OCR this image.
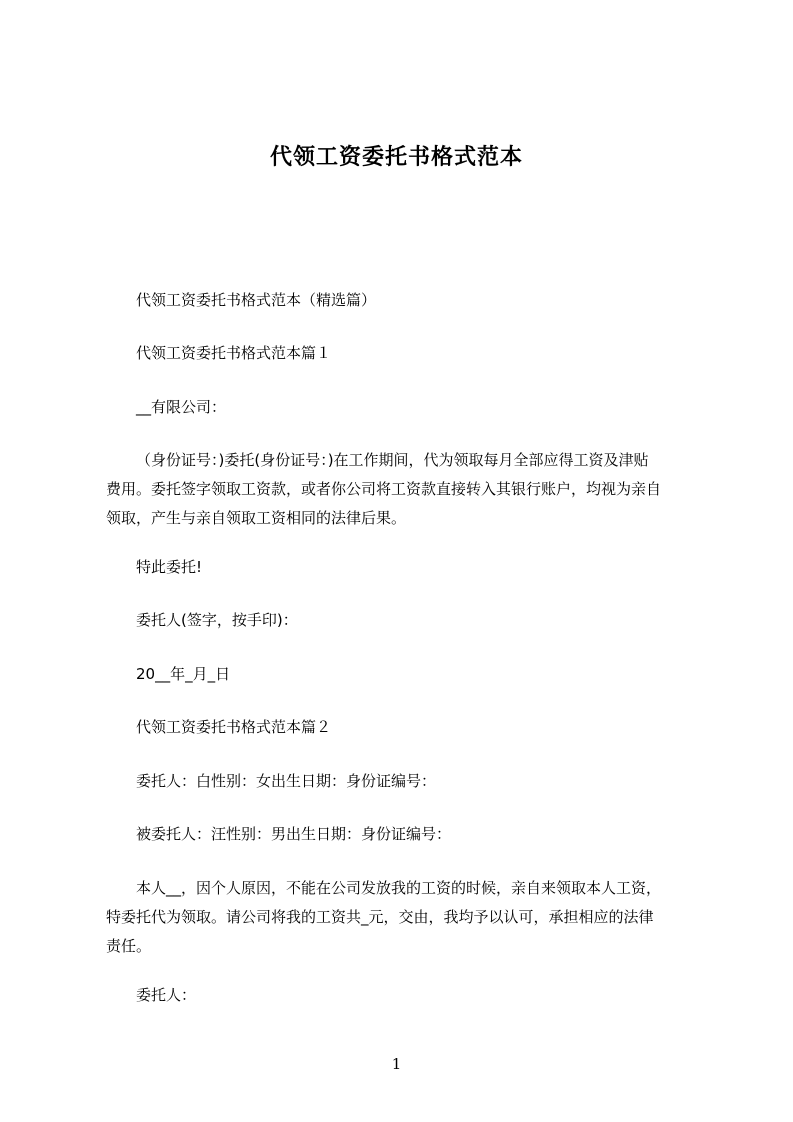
代领工资委托书格式范本
代领工资委托书格式范本（精选篇）
代领工资委托书格式范本篇１
__有限公司：
（身份证号：)委托(身份证号：)在工作期间，代为领取每月全部应得工资及津贴
费用。委托签字领取工资款，或者你公司将工资款直接转入其银行账户，均视为亲自
领取，产生与亲自领取工资相同的法律后果。
特此委托!
委托人(签字，按手印)：
20__年_月_日
代领工资委托书格式范本篇２
委托人：白性别：女出生日期：身份证编号：
被委托人：汪性别：男出生日期：身份证编号：
本人__，因个人原因，不能在公司发放我的工资的时候，亲自来领取本人工资，
特委托代为领取。请公司将我的工资共_元，交由，我均予以认可，承担相应的法律
责任。
委托人：
1
